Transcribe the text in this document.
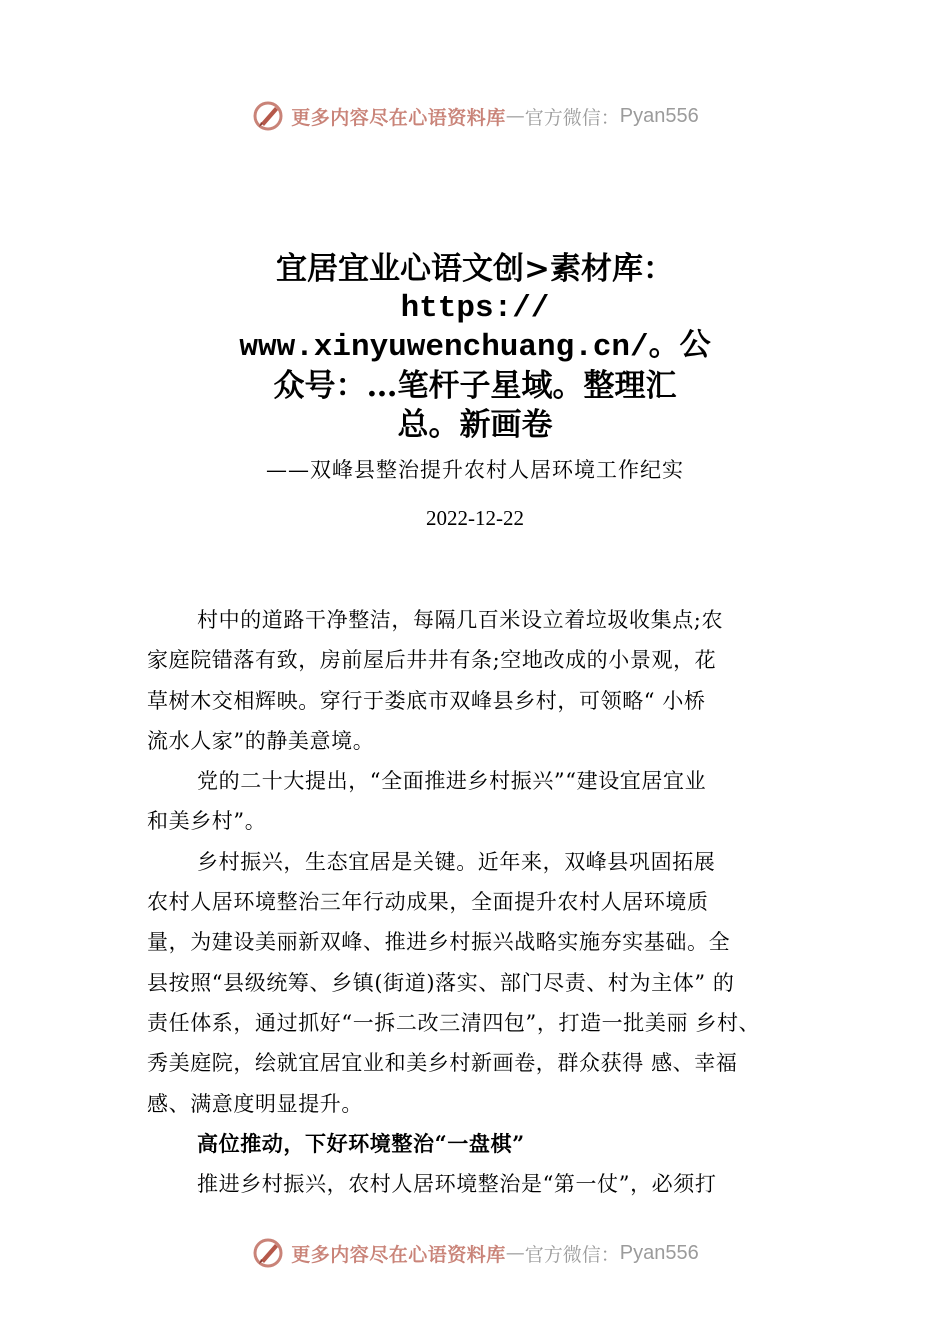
更多内容尽在心语资料库 — 官方微信： Pyan556
宜居宜业心语文创>素材库：
https://
www.xinyuwenchuang.cn/。公
众号：…笔杆子星域。整理汇
总。新画卷
——双峰县整治提升农村人居环境工作纪实
2022-12-22

村中的道路干净整洁，每隔几百米设立着垃圾收集点;农

家庭院错落有致，房前屋后井井有条;空地改成的小景观，花

草树木交相辉映。穿行于娄底市双峰县乡村，可领略“ 小桥

流水人家”的静美意境。

党的二十大提出，“全面推进乡村振兴”“建设宜居宜业

和美乡村”。

乡村振兴，生态宜居是关键。近年来，双峰县巩固拓展

农村人居环境整治三年行动成果，全面提升农村人居环境质

量，为建设美丽新双峰、推进乡村振兴战略实施夯实基础。全

县按照“县级统筹、乡镇(街道)落实、部门尽责、村为主体” 的

责任体系，通过抓好“一拆二改三清四包”，打造一批美丽 乡村、

秀美庭院，绘就宜居宜业和美乡村新画卷，群众获得 感、幸福

感、满意度明显提升。

高位推动，下好环境整治“一盘棋”

推进乡村振兴，农村人居环境整治是“第一仗”，必须打

更多内容尽在心语资料库 — 官方微信： Pyan556
